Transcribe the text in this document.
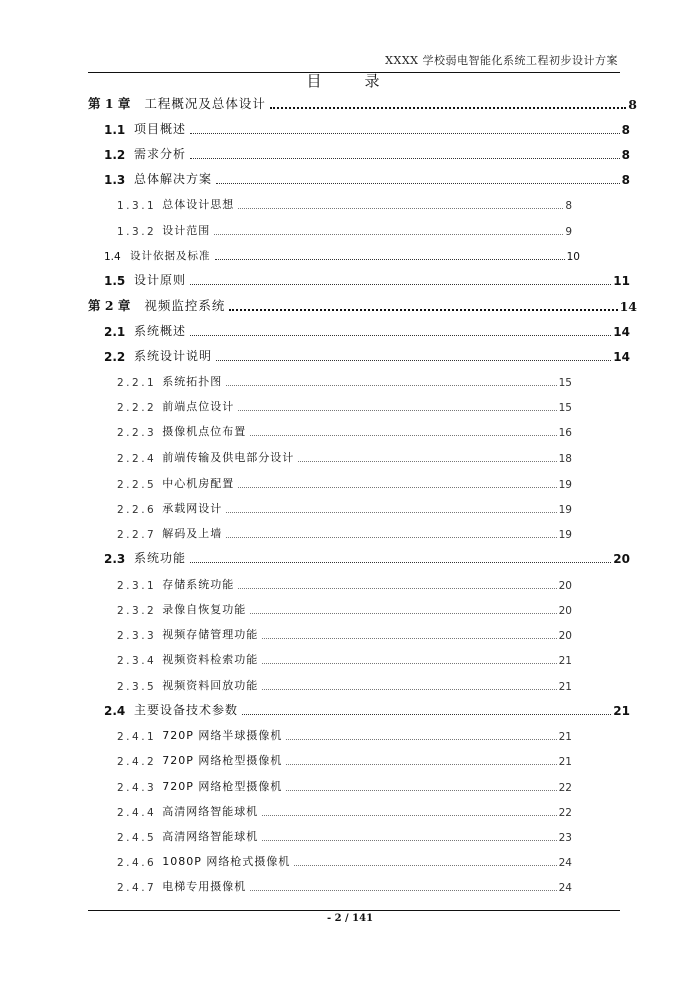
XXXX 学校弱电智能化系统工程初步设计方案
目　录
第 1 章 工程概况及总体设计	8
1.1 项目概述	8
1.2 需求分析	8
1.3 总体解决方案	8
1.3.1 总体设计思想	8
1.3.2 设计范围	9
1.4 设计依据及标准	10
1.5 设计原则	11
第 2 章 视频监控系统	14
2.1 系统概述	14
2.2 系统设计说明	14
2.2.1 系统拓扑图	15
2.2.2 前端点位设计	15
2.2.3 摄像机点位布置	16
2.2.4 前端传输及供电部分设计	18
2.2.5 中心机房配置	19
2.2.6 承载网设计	19
2.2.7 解码及上墙	19
2.3 系统功能	20
2.3.1 存储系统功能	20
2.3.2 录像自恢复功能	20
2.3.3 视频存储管理功能	20
2.3.4 视频资料检索功能	21
2.3.5 视频资料回放功能	21
2.4 主要设备技术参数	21
2.4.1 720P 网络半球摄像机	21
2.4.2 720P 网络枪型摄像机	21
2.4.3 720P 网络枪型摄像机	22
2.4.4 高清网络智能球机	22
2.4.5 高清网络智能球机	23
2.4.6 1080P 网络枪式摄像机	24
2.4.7 电梯专用摄像机	24
- 2 / 141
